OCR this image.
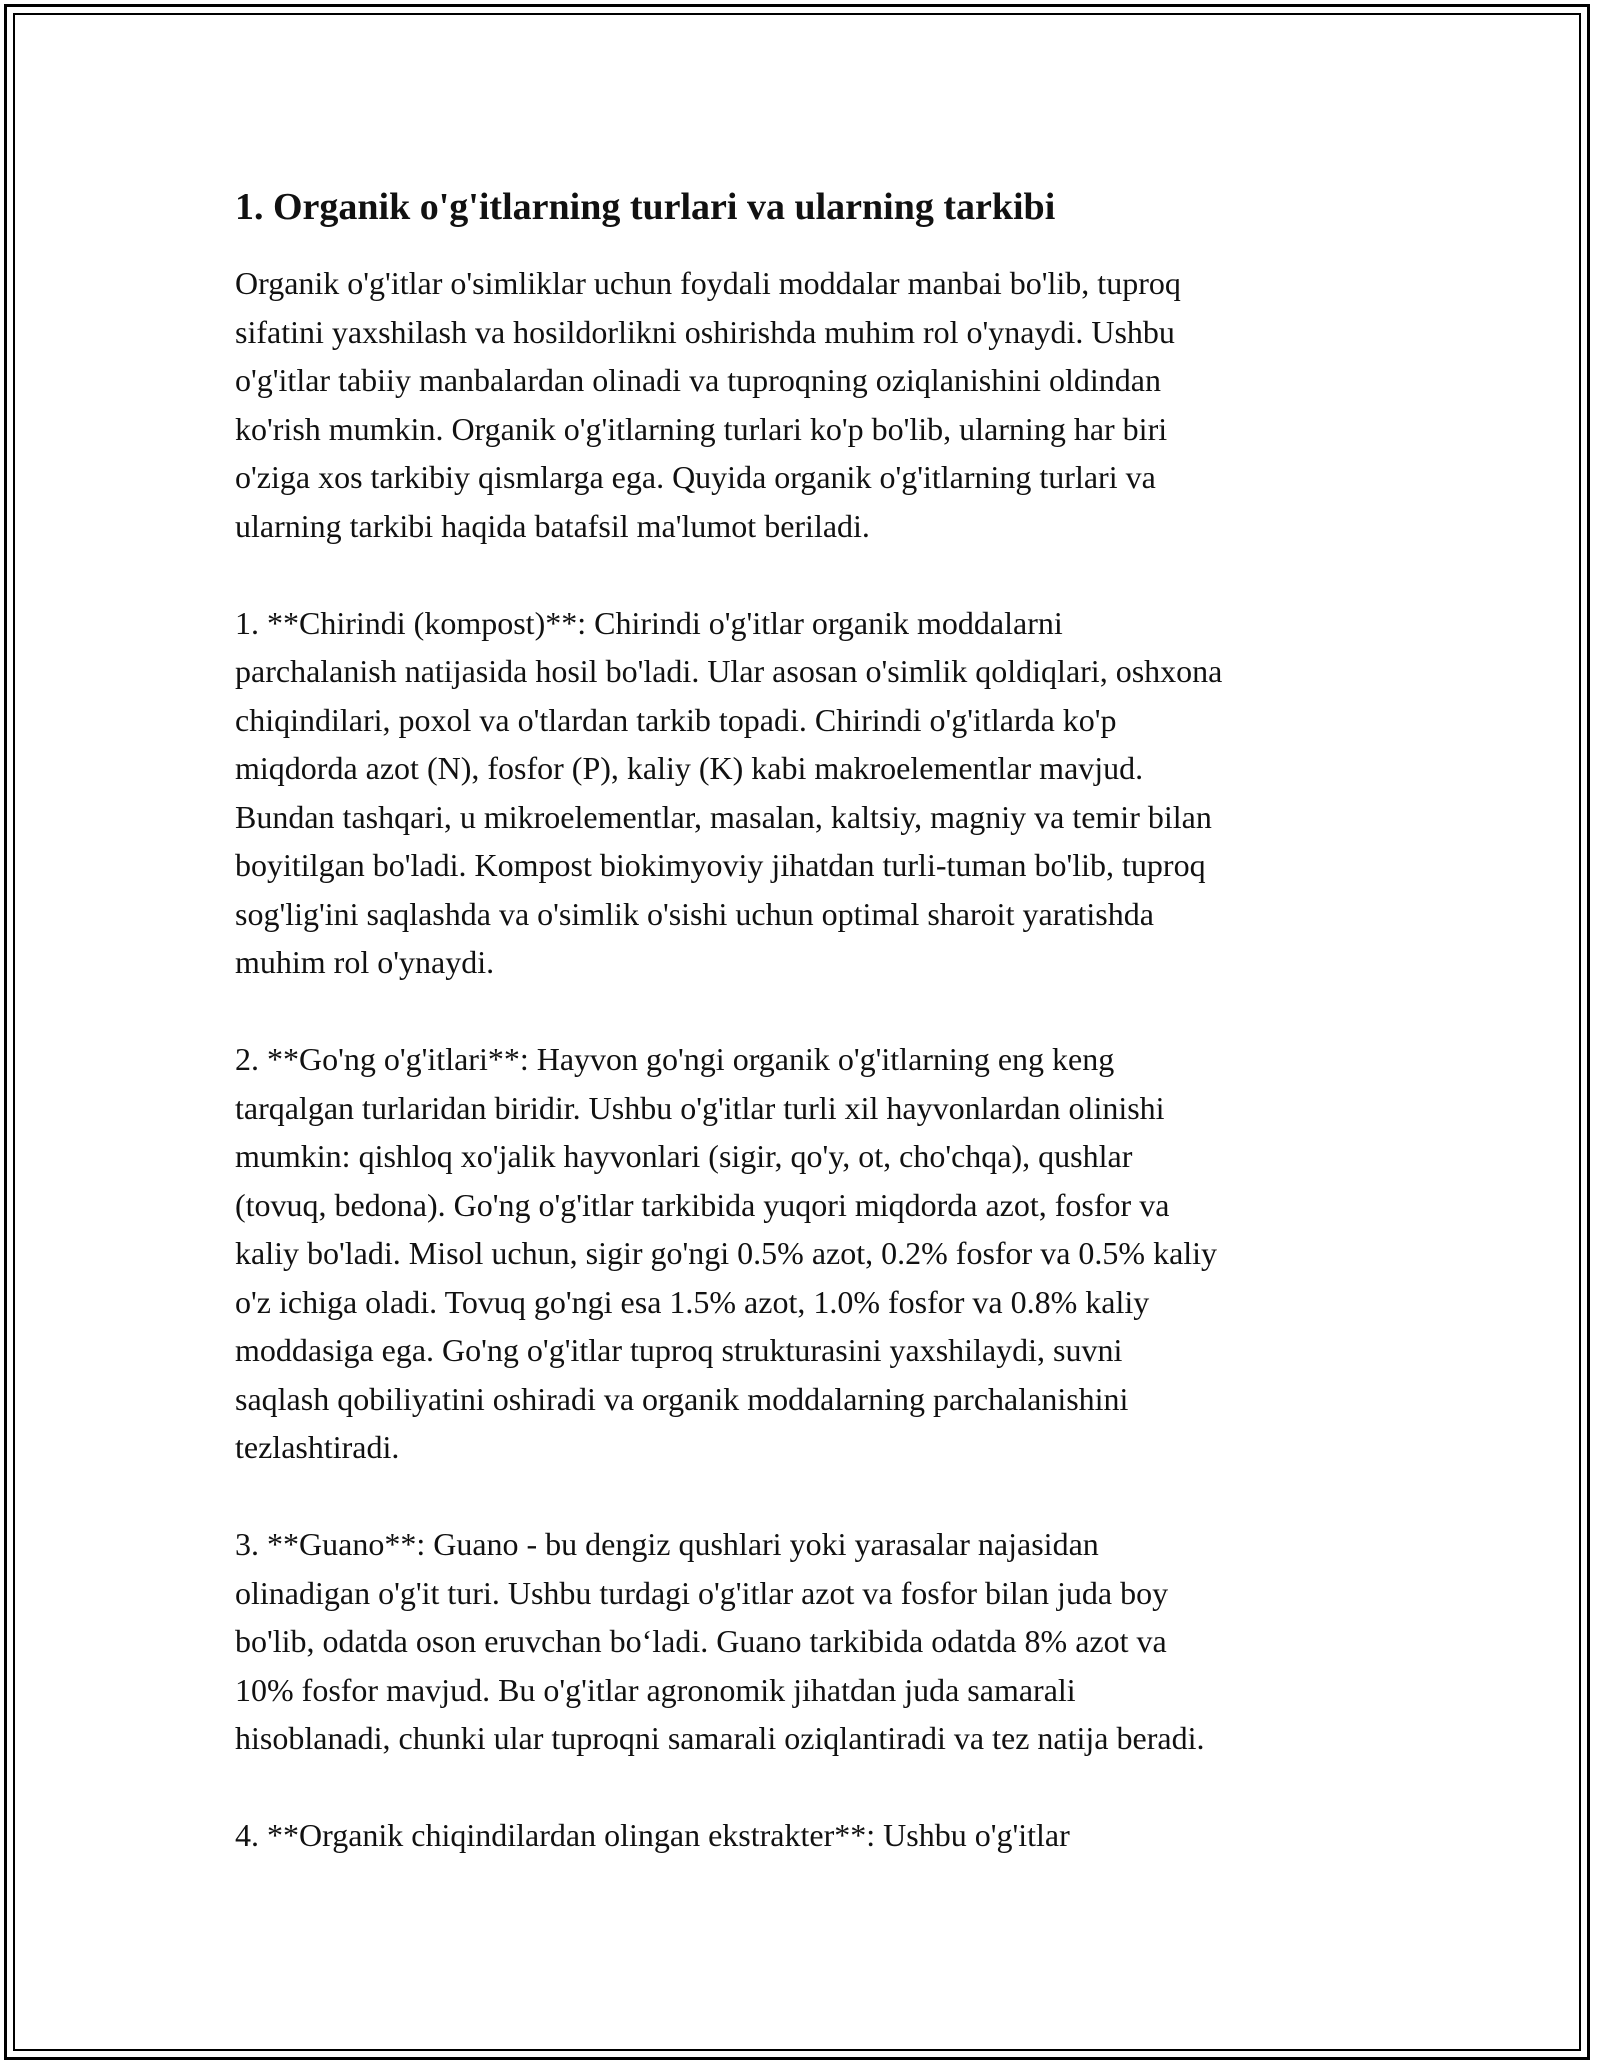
1. Organik o'g'itlarning turlari va ularning tarkibi
Organik o'g'itlar o'simliklar uchun foydali moddalar manbai bo'lib, tuproq
sifatini yaxshilash va hosildorlikni oshirishda muhim rol o'ynaydi. Ushbu
o'g'itlar tabiiy manbalardan olinadi va tuproqning oziqlanishini oldindan
ko'rish mumkin. Organik o'g'itlarning turlari ko'p bo'lib, ularning har biri
o'ziga xos tarkibiy qismlarga ega. Quyida organik o'g'itlarning turlari va
ularning tarkibi haqida batafsil ma'lumot beriladi.
1. **Chirindi (kompost)**: Chirindi o'g'itlar organik moddalarni
parchalanish natijasida hosil bo'ladi. Ular asosan o'simlik qoldiqlari, oshxona
chiqindilari, poxol va o'tlardan tarkib topadi. Chirindi o'g'itlarda ko'p
miqdorda azot (N), fosfor (P), kaliy (K) kabi makroelementlar mavjud.
Bundan tashqari, u mikroelementlar, masalan, kaltsiy, magniy va temir bilan
boyitilgan bo'ladi. Kompost biokimyoviy jihatdan turli-tuman bo'lib, tuproq
sog'lig'ini saqlashda va o'simlik o'sishi uchun optimal sharoit yaratishda
muhim rol o'ynaydi.
2. **Go'ng o'g'itlari**: Hayvon go'ngi organik o'g'itlarning eng keng
tarqalgan turlaridan biridir. Ushbu o'g'itlar turli xil hayvonlardan olinishi
mumkin: qishloq xo'jalik hayvonlari (sigir, qo'y, ot, cho'chqa), qushlar
(tovuq, bedona). Go'ng o'g'itlar tarkibida yuqori miqdorda azot, fosfor va
kaliy bo'ladi. Misol uchun, sigir go'ngi 0.5% azot, 0.2% fosfor va 0.5% kaliy
o'z ichiga oladi. Tovuq go'ngi esa 1.5% azot, 1.0% fosfor va 0.8% kaliy
moddasiga ega. Go'ng o'g'itlar tuproq strukturasini yaxshilaydi, suvni
saqlash qobiliyatini oshiradi va organik moddalarning parchalanishini
tezlashtiradi.
3. **Guano**: Guano - bu dengiz qushlari yoki yarasalar najasidan
olinadigan o'g'it turi. Ushbu turdagi o'g'itlar azot va fosfor bilan juda boy
bo'lib, odatda oson eruvchan bo‘ladi. Guano tarkibida odatda 8% azot va
10% fosfor mavjud. Bu o'g'itlar agronomik jihatdan juda samarali
hisoblanadi, chunki ular tuproqni samarali oziqlantiradi va tez natija beradi.
4. **Organik chiqindilardan olingan ekstrakter**: Ushbu o'g'itlar
